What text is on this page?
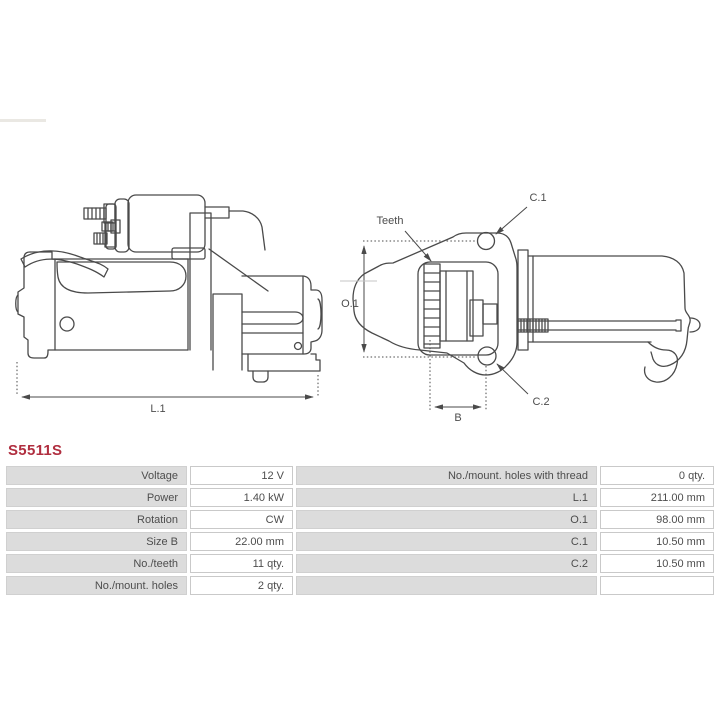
L.1
O.1
B
C.1
C.2
Teeth
S5511S
Voltage	12 V	No./mount. holes with thread	0 qty.
Power	1.40 kW	L.1	211.00 mm
Rotation	CW	O.1	98.00 mm
Size B	22.00 mm	C.1	10.50 mm
No./teeth	11 qty.	C.2	10.50 mm
No./mount. holes	2 qty.
